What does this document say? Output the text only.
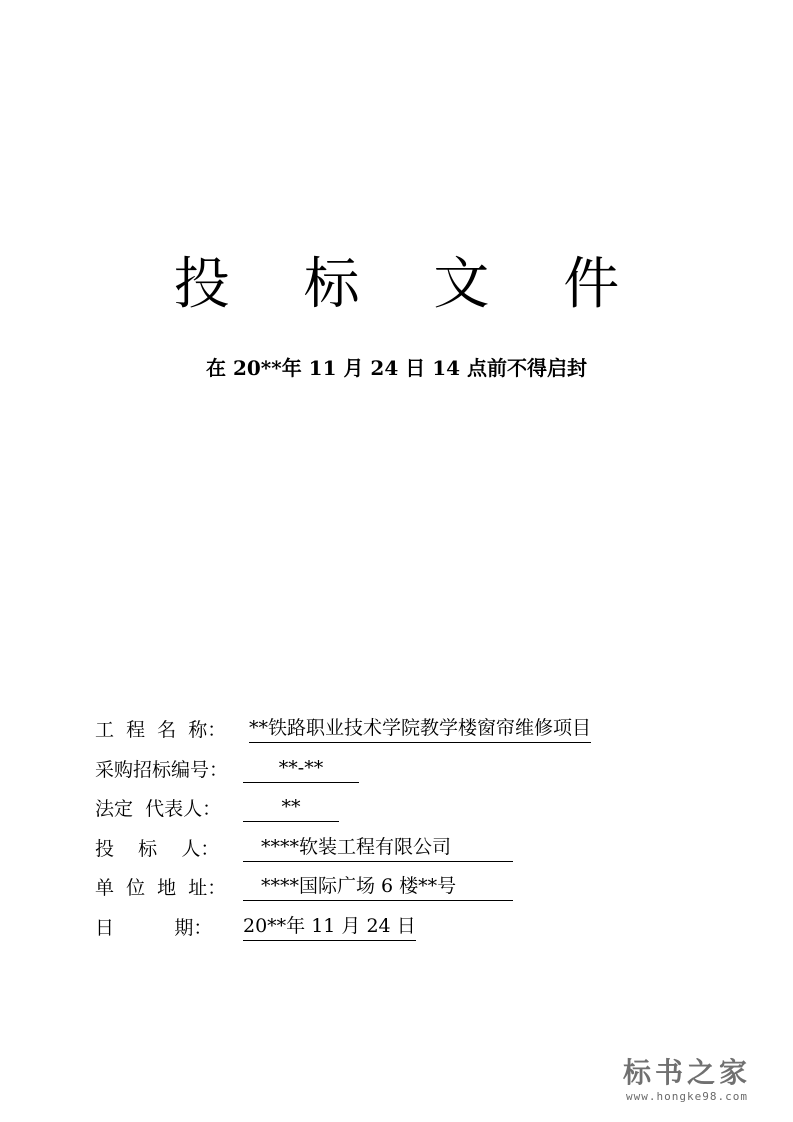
投 标 文 件
在 20**年 11 月 24 日 14 点前不得启封
工  程  名  称：	**铁路职业技术学院教学楼窗帘维修项目
采购招标编号：	**-**
法定  代表人：	**
投    标    人：	****软装工程有限公司
单  位  地  址：	****国际广场 6 楼**号
日          期：	20**年 11 月 24 日
标书之家
www.hongke98.com
